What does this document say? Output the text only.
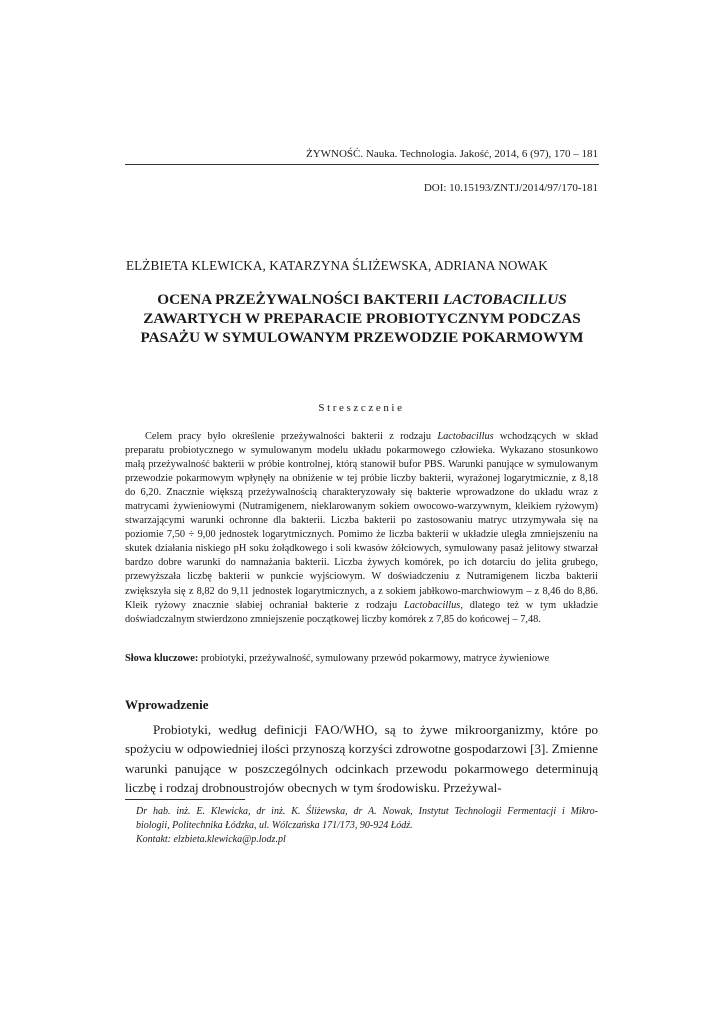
ŻYWNOŚĆ. Nauka. Technologia. Jakość, 2014, 6 (97), 170 – 181
DOI: 10.15193/ZNTJ/2014/97/170-181
ELŻBIETA KLEWICKA, KATARZYNA ŚLIŻEWSKA, ADRIANA NOWAK
OCENA PRZEŻYWALNOŚCI BAKTERII LACTOBACILLUS
ZAWARTYCH W PREPARACIE PROBIOTYCZNYM PODCZAS
PASAŻU W SYMULOWANYM PRZEWODZIE POKARMOWYM
Streszczenie

Celem pracy było określenie przeżywalności bakterii z rodzaju Lactobacillus wchodzących w skład preparatu probiotycznego w symulowanym modelu układu pokarmowego człowieka. Wykazano stosunkowo małą przeżywalność bakterii w próbie kontrolnej, którą stanowił bufor PBS. Warunki panujące w symulowanym przewodzie pokarmowym wpłynęły na obniżenie w tej próbie liczby bakterii, wyrażonej logarytmicznie, z 8,18 do 6,20. Znacznie większą przeżywalnością charakteryzowały się bakterie wprowadzone do układu wraz z matrycami żywieniowymi (Nutramigenem, nieklarowanym sokiem owocowo-warzywnym, kleikiem ryżowym) stwarzającymi warunki ochronne dla bakterii. Liczba bakterii po zastosowaniu matryc utrzymywała się na poziomie 7,50 ÷ 9,00 jednostek logarytmicznych. Pomimo że liczba bakterii w układzie uległa zmniejszeniu na skutek działania niskiego pH soku żołądkowego i soli kwasów żółciowych, symulowany pasaż jelitowy stwarzał bardzo dobre warunki do namnażania bakterii. Liczba żywych komórek, po ich dotarciu do jelita grubego, przewyższała liczbę bakterii w punkcie wyjściowym. W doświadczeniu z Nutramigenem liczba bakterii zwiększyła się z 8,82 do 9,11 jednostek logarytmicznych, a z sokiem jabłkowo-marchwiowym – z 8,46 do 8,86. Kleik ryżowy znacznie słabiej ochraniał bakterie z rodzaju Lactobacillus, dlatego też w tym układzie doświadczalnym stwierdzono zmniejszenie początkowej liczby komórek z 7,85 do końcowej – 7,48.

Słowa kluczowe: probiotyki, przeżywalność, symulowany przewód pokarmowy, matryce żywieniowe
Wprowadzenie

Probiotyki, według definicji FAO/WHO, są to żywe mikroorganizmy, które po spożyciu w odpowiedniej ilości przynoszą korzyści zdrowotne gospodarzowi [3]. Zmienne warunki panujące w poszczególnych odcinkach przewodu pokarmowego determinują liczbę i rodzaj drobnoustrojów obecnych w tym środowisku. Przeżywal-

Dr hab. inż. E. Klewicka, dr inż. K. Śliżewska, dr A. Nowak, Instytut Technologii Fermentacji i Mikro-
biologii, Politechnika Łódzka, ul. Wólczańska 171/173, 90-924 Łódź.
Kontakt: elzbieta.klewicka@p.lodz.pl
